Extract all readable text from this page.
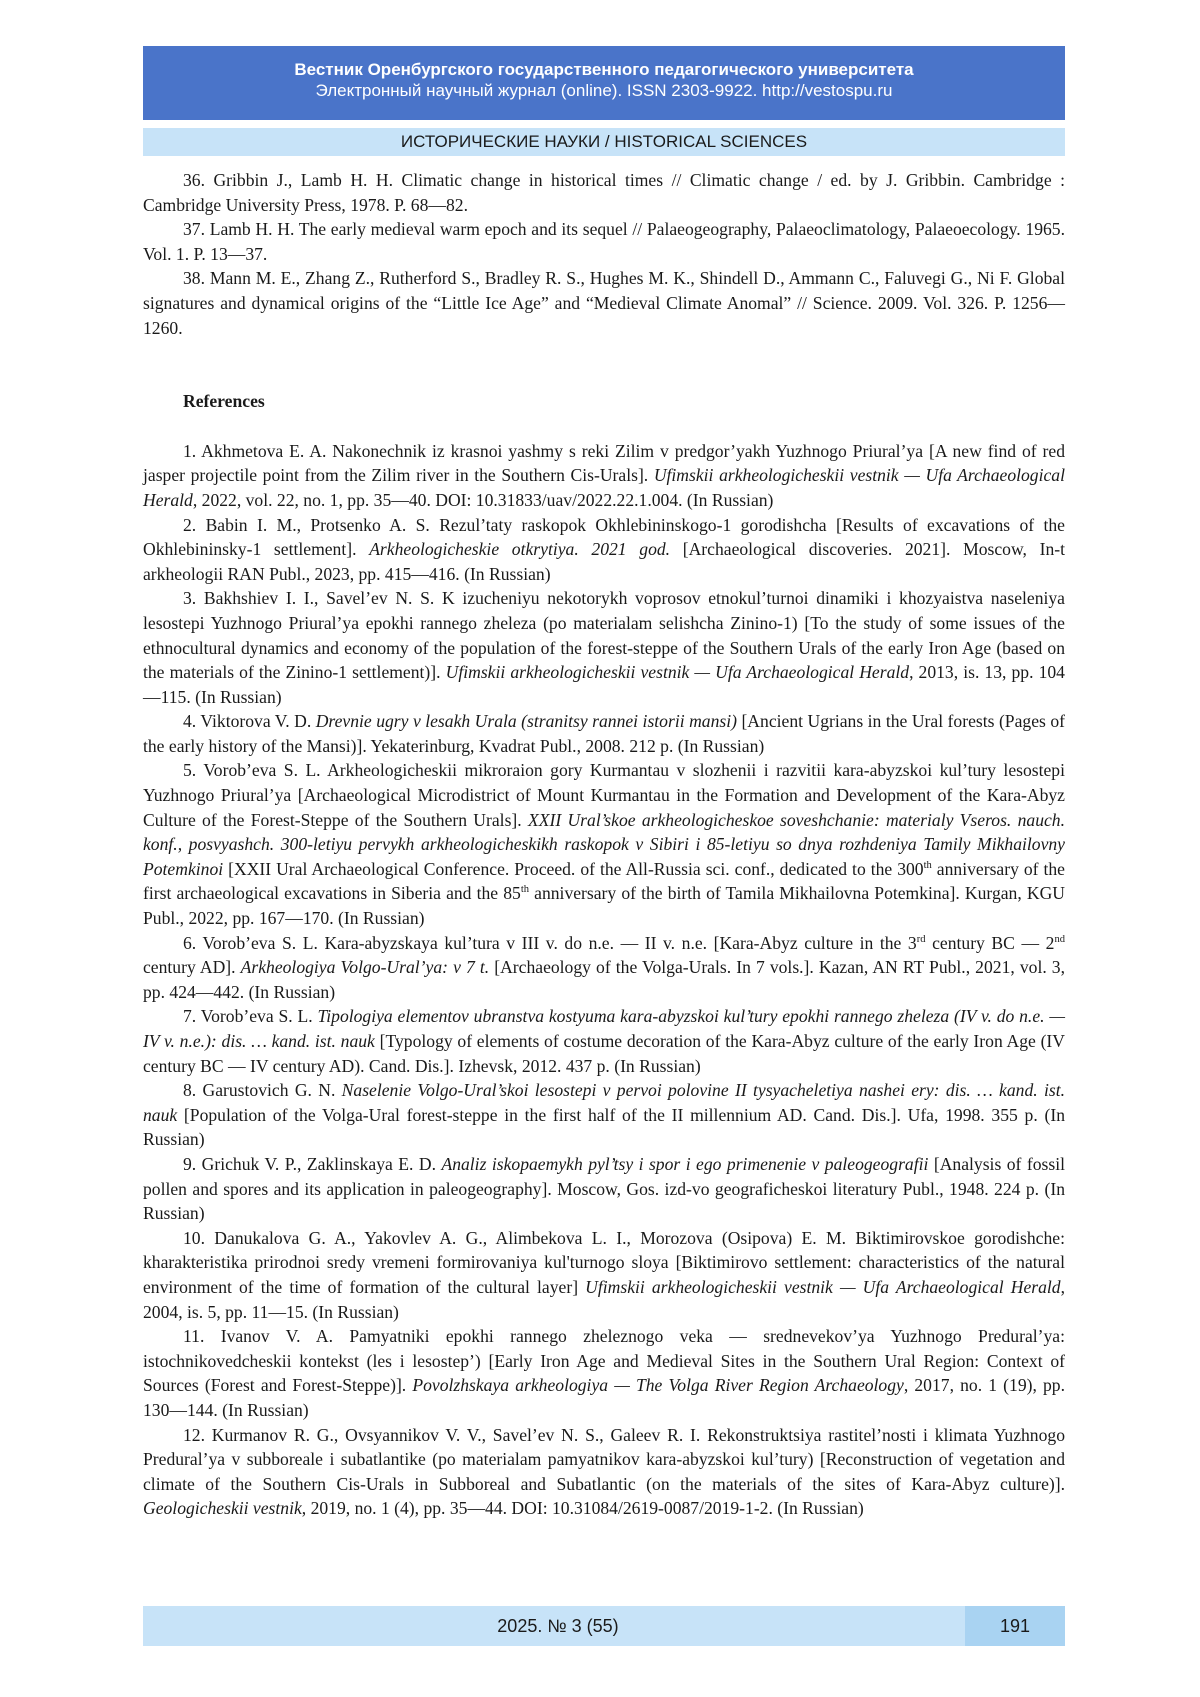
Вестник Оренбургского государственного педагогического университета
Электронный научный журнал (online). ISSN 2303-9922. http://vestospu.ru
ИСТОРИЧЕСКИЕ НАУКИ / HISTORICAL SCIENCES

36. Gribbin J., Lamb H. H. Climatic change in historical times // Climatic change / ed. by J. Gribbin. Cambridge : Cambridge University Press, 1978. P. 68—82.

37. Lamb H. H. The early medieval warm epoch and its sequel // Palaeogeography, Palaeoclimatology, Palaeoecology. 1965. Vol. 1. P. 13—37.

38. Mann M. E., Zhang Z., Rutherford S., Bradley R. S., Hughes M. K., Shindell D., Ammann C., Faluvegi G., Ni F. Global signatures and dynamical origins of the “Little Ice Age” and “Medieval Climate Anomal” // Science. 2009. Vol. 326. P. 1256—1260.

References

1. Akhmetova E. A. Nakonechnik iz krasnoi yashmy s reki Zilim v predgor’yakh Yuzhnogo Priural’ya [A new find of red jasper projectile point from the Zilim river in the Southern Cis-Urals]. Ufimskii arkheologicheskii vestnik — Ufa Archaeological Herald, 2022, vol. 22, no. 1, pp. 35—40. DOI: 10.31833/uav/2022.22.1.004. (In Russian)

2. Babin I. M., Protsenko A. S. Rezul’taty raskopok Okhlebininskogo-1 gorodishcha [Results of excavations of the Okhlebininsky-1 settlement]. Arkheologicheskie otkrytiya. 2021 god. [Archaeological discoveries. 2021]. Moscow, In-t arkheologii RAN Publ., 2023, pp. 415—416. (In Russian)

3. Bakhshiev I. I., Savel’ev N. S. K izucheniyu nekotorykh voprosov etnokul’turnoi dinamiki i khozyaistva naseleniya lesostepi Yuzhnogo Priural’ya epokhi rannego zheleza (po materialam selishcha Zinino-1) [To the study of some issues of the ethnocultural dynamics and economy of the population of the forest-steppe of the Southern Urals of the early Iron Age (based on the materials of the Zinino-1 settlement)]. Ufimskii arkheologicheskii vestnik — Ufa Archaeological Herald, 2013, is. 13, pp. 104—115. (In Russian)

4. Viktorova V. D. Drevnie ugry v lesakh Urala (stranitsy rannei istorii mansi) [Ancient Ugrians in the Ural forests (Pages of the early history of the Mansi)]. Yekaterinburg, Kvadrat Publ., 2008. 212 p. (In Russian)

5. Vorob’eva S. L. Arkheologicheskii mikroraion gory Kurmantau v slozhenii i razvitii kara-abyzskoi kul’tury lesostepi Yuzhnogo Priural’ya [Archaeological Microdistrict of Mount Kurmantau in the Formation and Development of the Kara-Abyz Culture of the Forest-Steppe of the Southern Urals]. XXII Ural’skoe arkheologicheskoe soveshchanie: materialy Vseros. nauch. konf., posvyashch. 300-letiyu pervykh arkheologicheskikh raskopok v Sibiri i 85-letiyu so dnya rozhdeniya Tamily Mikhailovny Potemkinoi [XXII Ural Archaeological Conference. Proceed. of the All-Russia sci. conf., dedicated to the 300th anniversary of the first archaeological excavations in Siberia and the 85th anniversary of the birth of Tamila Mikhailovna Potemkina]. Kurgan, KGU Publ., 2022, pp. 167—170. (In Russian)

6. Vorob’eva S. L. Kara-abyzskaya kul’tura v III v. do n.e. — II v. n.e. [Kara-Abyz culture in the 3rd century BC — 2nd century AD]. Arkheologiya Volgo-Ural’ya: v 7 t. [Archaeology of the Volga-Urals. In 7 vols.]. Kazan, AN RT Publ., 2021, vol. 3, pp. 424—442. (In Russian)

7. Vorob’eva S. L. Tipologiya elementov ubranstva kostyuma kara-abyzskoi kul’tury epokhi rannego zheleza (IV v. do n.e. — IV v. n.e.): dis. … kand. ist. nauk [Typology of elements of costume decoration of the Kara-Abyz culture of the early Iron Age (IV century BC — IV century AD). Cand. Dis.]. Izhevsk, 2012. 437 p. (In Russian)

8. Garustovich G. N. Naselenie Volgo-Ural’skoi lesostepi v pervoi polovine II tysyacheletiya nashei ery: dis. … kand. ist. nauk [Population of the Volga-Ural forest-steppe in the first half of the II millennium AD. Cand. Dis.]. Ufa, 1998. 355 p. (In Russian)

9. Grichuk V. P., Zaklinskaya E. D. Analiz iskopaemykh pyl’tsy i spor i ego primenenie v paleogeografii [Analysis of fossil pollen and spores and its application in paleogeography]. Moscow, Gos. izd-vo geograficheskoi literatury Publ., 1948. 224 p. (In Russian)

10. Danukalova G. A., Yakovlev A. G., Alimbekova L. I., Morozova (Osipova) E. M. Biktimirovskoe gorodishche: kharakteristika prirodnoi sredy vremeni formirovaniya kul'turnogo sloya [Biktimirovo settlement: characteristics of the natural environment of the time of formation of the cultural layer] Ufimskii arkheologicheskii vestnik — Ufa Archaeological Herald, 2004, is. 5, pp. 11—15. (In Russian)

11. Ivanov V. A. Pamyatniki epokhi rannego zheleznogo veka — srednevekov’ya Yuzhnogo Predural’ya: istochnikovedcheskii kontekst (les i lesostep’) [Early Iron Age and Medieval Sites in the Southern Ural Region: Context of Sources (Forest and Forest-Steppe)]. Povolzhskaya arkheologiya — The Volga River Region Archaeology, 2017, no. 1 (19), pp. 130—144. (In Russian)

12. Kurmanov R. G., Ovsyannikov V. V., Savel’ev N. S., Galeev R. I. Rekonstruktsiya rastitel’nosti i klimata Yuzhnogo Predural’ya v subboreale i subatlantike (po materialam pamyatnikov kara-abyzskoi kul’tury) [Reconstruction of vegetation and climate of the Southern Cis-Urals in Subboreal and Subatlantic (on the materials of the sites of Kara-Abyz culture)]. Geologicheskii vestnik, 2019, no. 1 (4), pp. 35—44. DOI: 10.31084/2619-0087/2019-1-2. (In Russian)

2025. № 3 (55)	191
